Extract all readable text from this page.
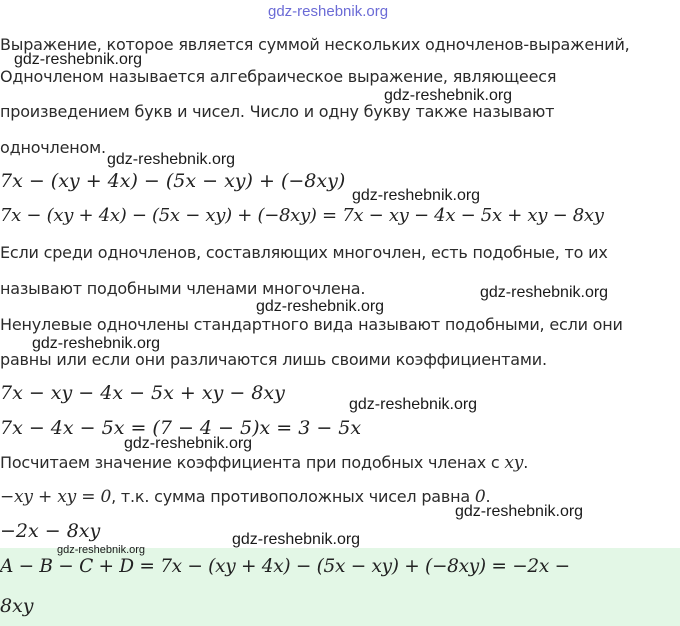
gdz-reshebnik.org

Выражение, которое является суммой нескольких одночленов-выражений,

Одночленом называется алгебраическое выражение, являющееся

произведением букв и чисел. Число и одну букву также называют

одночленом.

7x − (xy + 4x) − (5x − xy) + (−8xy)

7x − (xy + 4x) − (5x − xy) + (−8xy) = 7x − xy − 4x − 5x + xy − 8xy

Если среди одночленов, составляющих многочлен, есть подобные, то их

называют подобными членами многочлена.

Ненулевые одночлены стандартного вида называют подобными, если они

равны или если они различаются лишь своими коэффициентами.

7x − xy − 4x − 5x + xy − 8xy

7x − 4x − 5x = (7 − 4 − 5)x = 3 − 5x

Посчитаем значение коэффициента при подобных членах с xy.

−xy + xy = 0, т.к. сумма противоположных чисел равна 0.

−2x − 8xy

A − B − C + D = 7x − (xy + 4x) − (5x − xy) + (−8xy) = −2x −

8xy

gdz-reshebnik.org
gdz-reshebnik.org
gdz-reshebnik.org
gdz-reshebnik.org
gdz-reshebnik.org
gdz-reshebnik.org
gdz-reshebnik.org
gdz-reshebnik.org
gdz-reshebnik.org
gdz-reshebnik.org
gdz-reshebnik.org
gdz-reshebnik.org
